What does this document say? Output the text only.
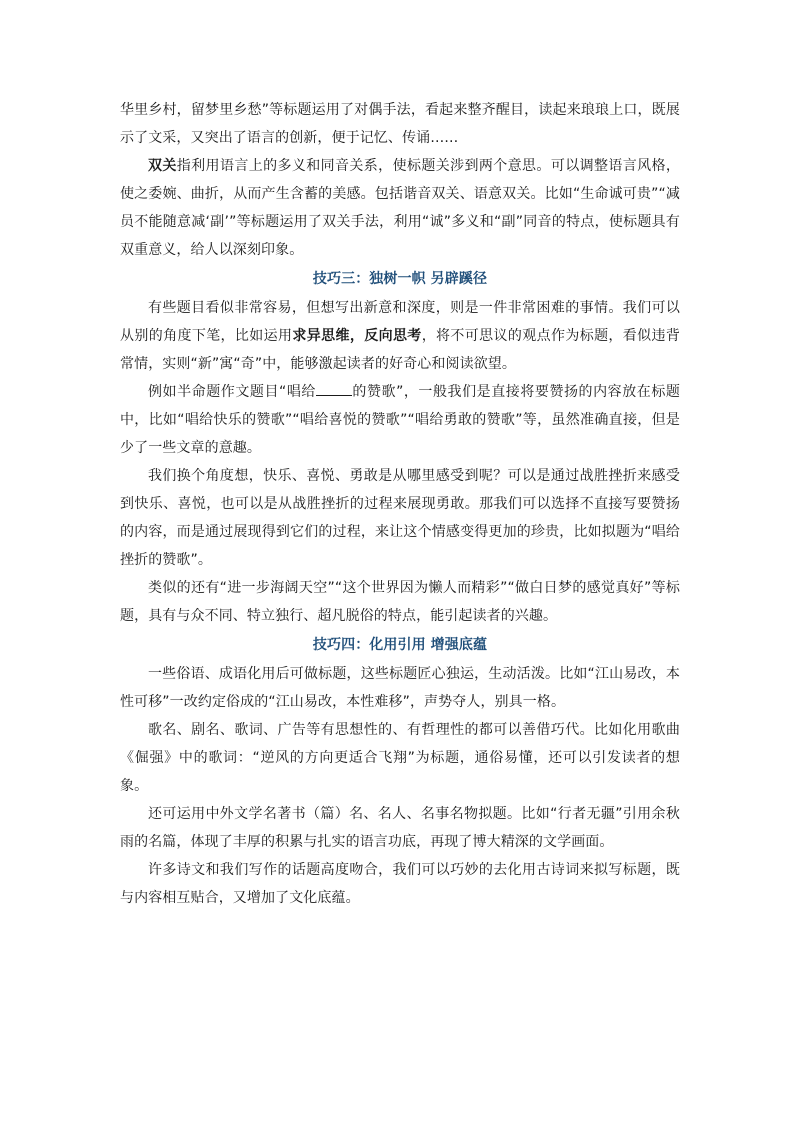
华里乡村，留梦里乡愁”等标题运用了对偶手法，看起来整齐醒目，读起来琅琅上口，既展示了文采，又突出了语言的创新，便于记忆、传诵……

双关指利用语言上的多义和同音关系，使标题关涉到两个意思。可以调整语言风格，使之委婉、曲折，从而产生含蓄的美感。包括谐音双关、语意双关。比如“生命诚可贵”“减员不能随意减‘副’”等标题运用了双关手法，利用“诚”多义和“副”同音的特点，使标题具有双重意义，给人以深刻印象。

技巧三：独树一帜 另辟蹊径

有些题目看似非常容易，但想写出新意和深度，则是一件非常困难的事情。我们可以从别的角度下笔，比如运用求异思维，反向思考，将不可思议的观点作为标题，看似违背常情，实则“新”寓“奇”中，能够激起读者的好奇心和阅读欲望。

例如半命题作文题目“唱给	的赞歌”，一般我们是直接将要赞扬的内容放在标题中，比如“唱给快乐的赞歌”“唱给喜悦的赞歌”“唱给勇敢的赞歌”等，虽然准确直接，但是少了一些文章的意趣。

我们换个角度想，快乐、喜悦、勇敢是从哪里感受到呢？可以是通过战胜挫折来感受到快乐、喜悦，也可以是从战胜挫折的过程来展现勇敢。那我们可以选择不直接写要赞扬的内容，而是通过展现得到它们的过程，来让这个情感变得更加的珍贵，比如拟题为“唱给挫折的赞歌”。

类似的还有“进一步海阔天空”“这个世界因为懒人而精彩”“做白日梦的感觉真好”等标题，具有与众不同、特立独行、超凡脱俗的特点，能引起读者的兴趣。

技巧四：化用引用 增强底蕴

一些俗语、成语化用后可做标题，这些标题匠心独运，生动活泼。比如“江山易改，本性可移”一改约定俗成的“江山易改，本性难移”，声势夺人，别具一格。

歌名、剧名、歌词、广告等有思想性的、有哲理性的都可以善借巧代。比如化用歌曲《倔强》中的歌词：“逆风的方向更适合飞翔”为标题，通俗易懂，还可以引发读者的想象。

还可运用中外文学名著书（篇）名、名人、名事名物拟题。比如“行者无疆”引用余秋雨的名篇，体现了丰厚的积累与扎实的语言功底，再现了博大精深的文学画面。

许多诗文和我们写作的话题高度吻合，我们可以巧妙的去化用古诗词来拟写标题，既与内容相互贴合，又增加了文化底蕴。
